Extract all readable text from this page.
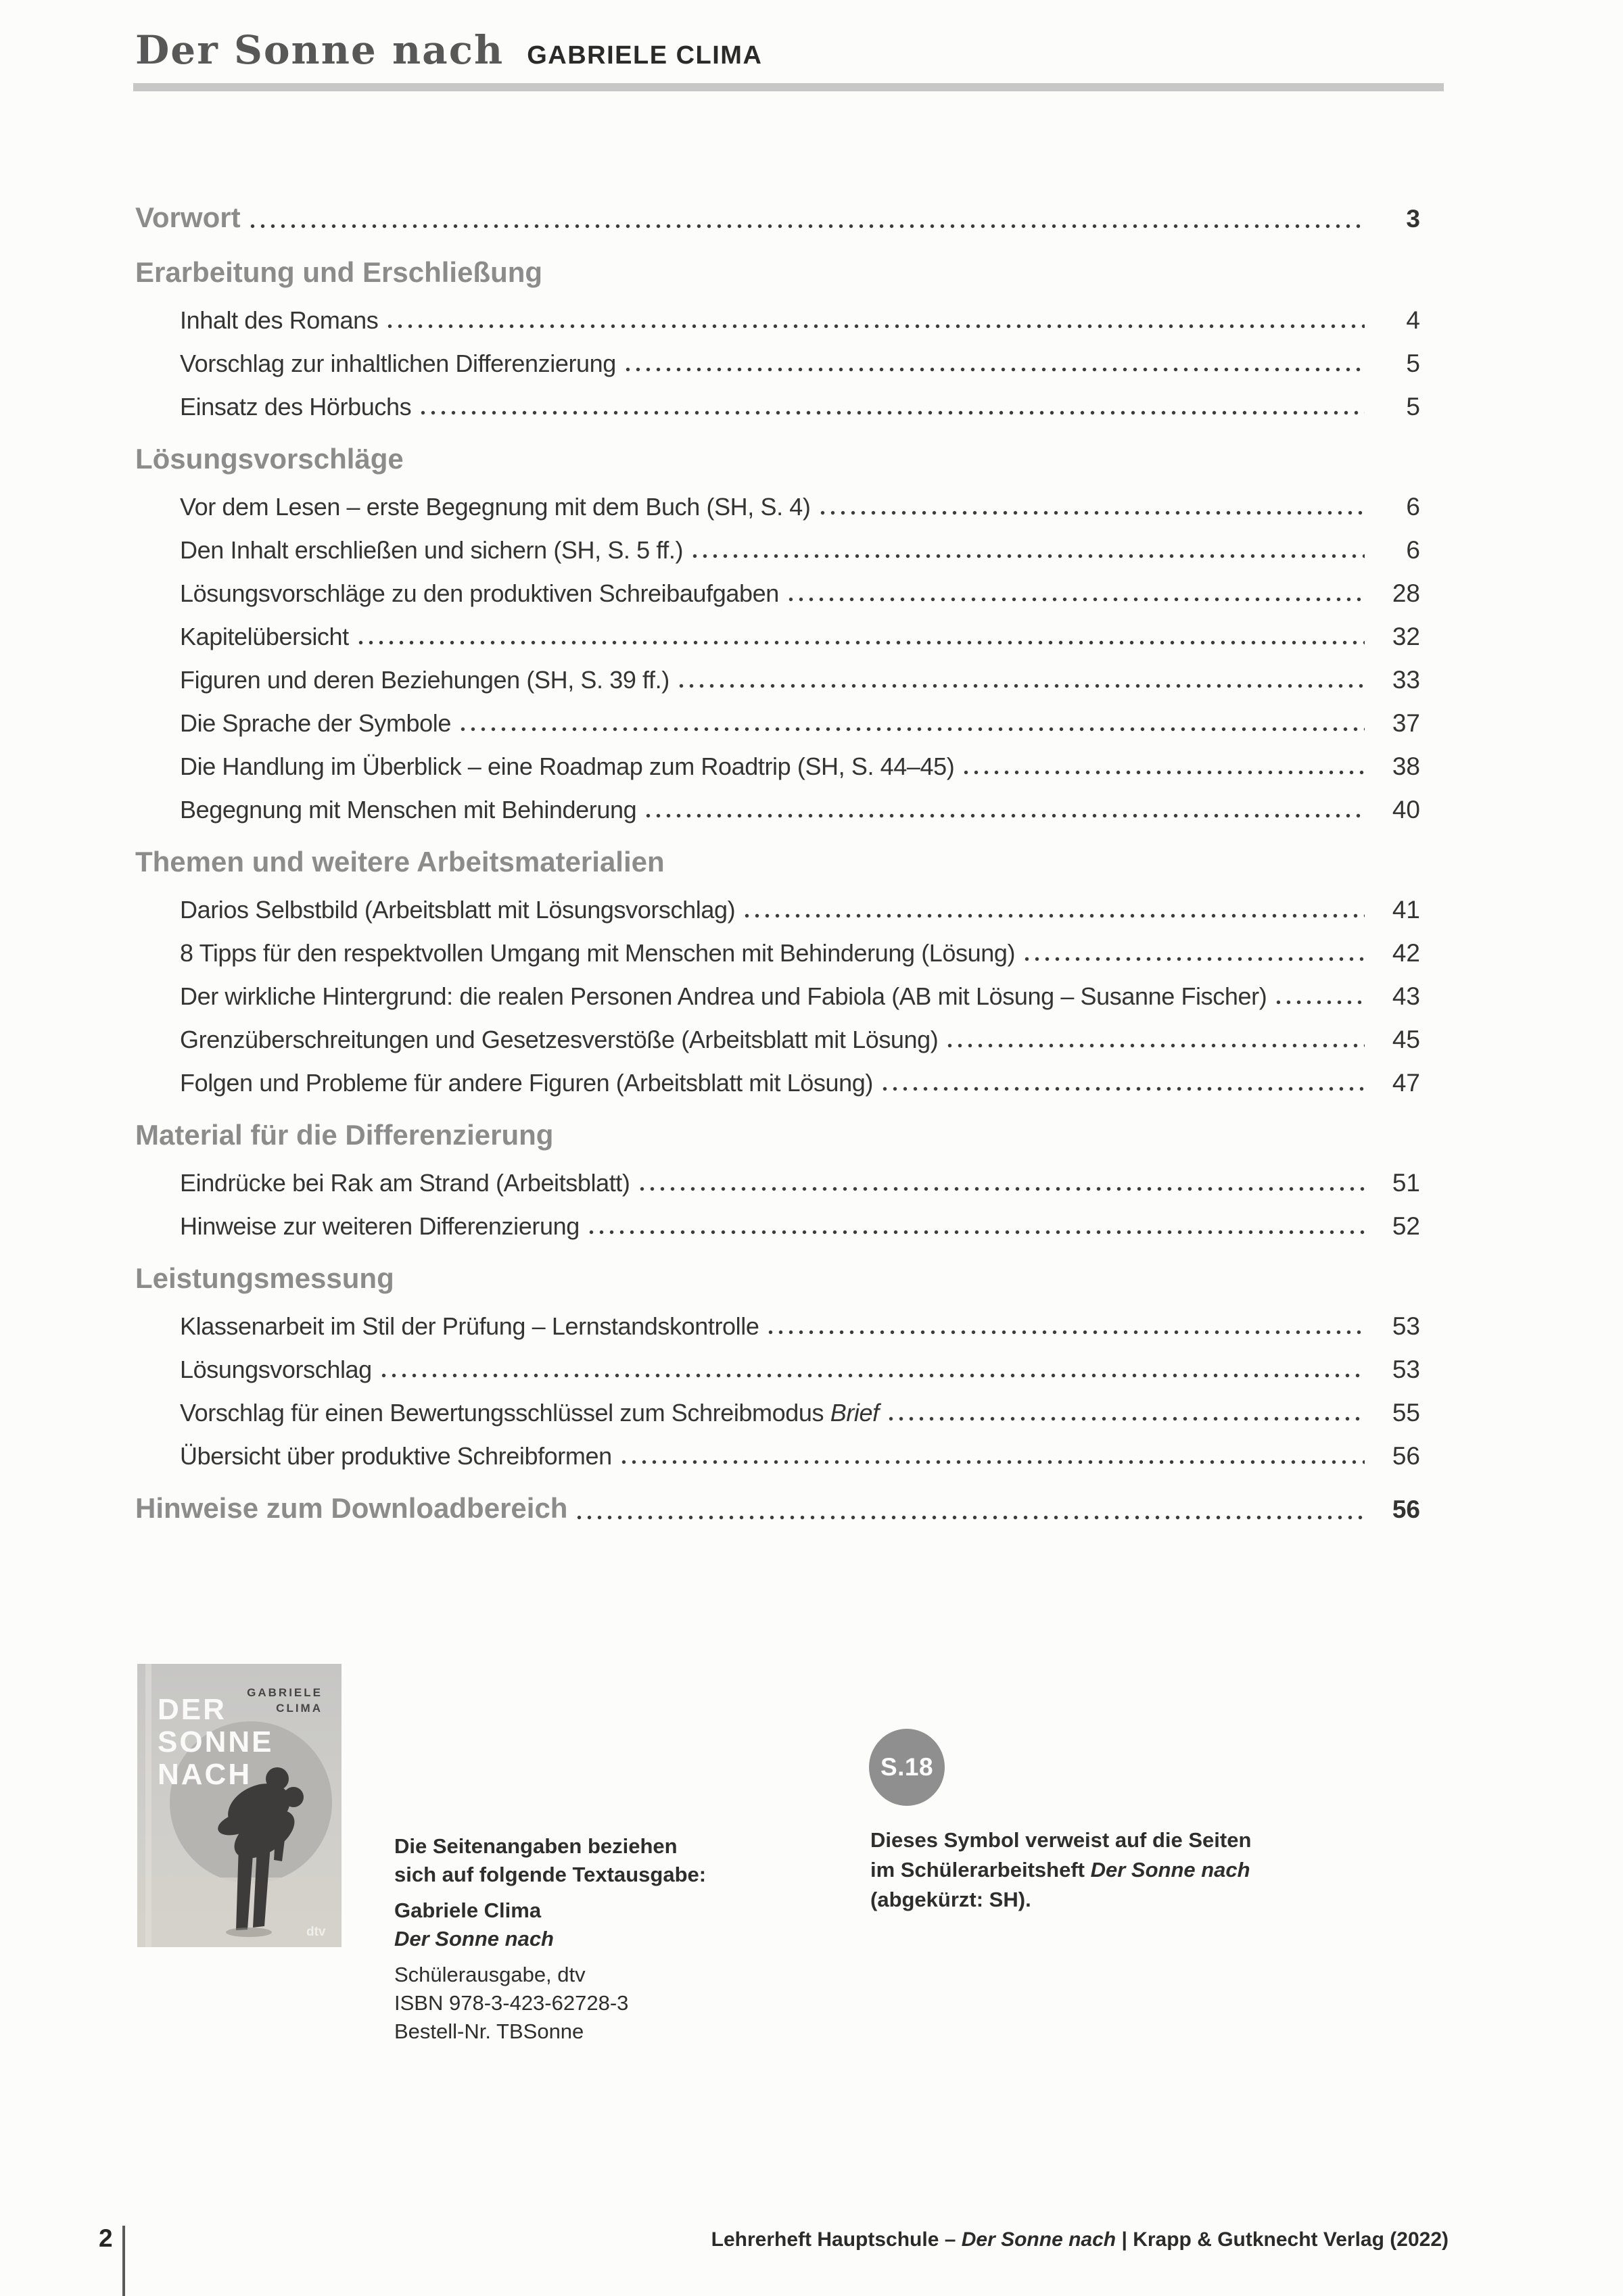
Der Sonne nach GABRIELE CLIMA
Vorwort	3
Erarbeitung und Erschließung
Inhalt des Romans	4
Vorschlag zur inhaltlichen Differenzierung	5
Einsatz des Hörbuchs	5
Lösungsvorschläge
Vor dem Lesen – erste Begegnung mit dem Buch (SH, S. 4)	6
Den Inhalt erschließen und sichern (SH, S. 5 ff.)	6
Lösungsvorschläge zu den produktiven Schreibaufgaben	28
Kapitelübersicht	32
Figuren und deren Beziehungen (SH, S. 39 ff.)	33
Die Sprache der Symbole	37
Die Handlung im Überblick – eine Roadmap zum Roadtrip (SH, S. 44–45)	38
Begegnung mit Menschen mit Behinderung	40
Themen und weitere Arbeitsmaterialien
Darios Selbstbild (Arbeitsblatt mit Lösungsvorschlag)	41
8 Tipps für den respektvollen Umgang mit Menschen mit Behinderung (Lösung)	42
Der wirkliche Hintergrund: die realen Personen Andrea und Fabiola (AB mit Lösung – Susanne Fischer)	43
Grenzüberschreitungen und Gesetzesverstöße (Arbeitsblatt mit Lösung)	45
Folgen und Probleme für andere Figuren (Arbeitsblatt mit Lösung)	47
Material für die Differenzierung
Eindrücke bei Rak am Strand (Arbeitsblatt)	51
Hinweise zur weiteren Differenzierung	52
Leistungsmessung
Klassenarbeit im Stil der Prüfung – Lernstandskontrolle	53
Lösungsvorschlag	53
Vorschlag für einen Bewertungsschlüssel zum Schreibmodus Brief	55
Übersicht über produktive Schreibformen	56
Hinweise zum Downloadbereich	56
DER
SONNE
NACH
GABRIELE
CLIMA
dtv

Die Seitenangaben beziehen
sich auf folgende Textausgabe:

Gabriele Clima

Der Sonne nach

Schülerausgabe, dtv

ISBN 978-3-423-62728-3

Bestell-Nr. TBSonne

S.18
Dieses Symbol verweist auf die Seiten
im Schülerarbeitsheft Der Sonne nach
(abgekürzt: SH).
2	Lehrerheft Hauptschule – Der Sonne nach | Krapp & Gutknecht Verlag (2022)
